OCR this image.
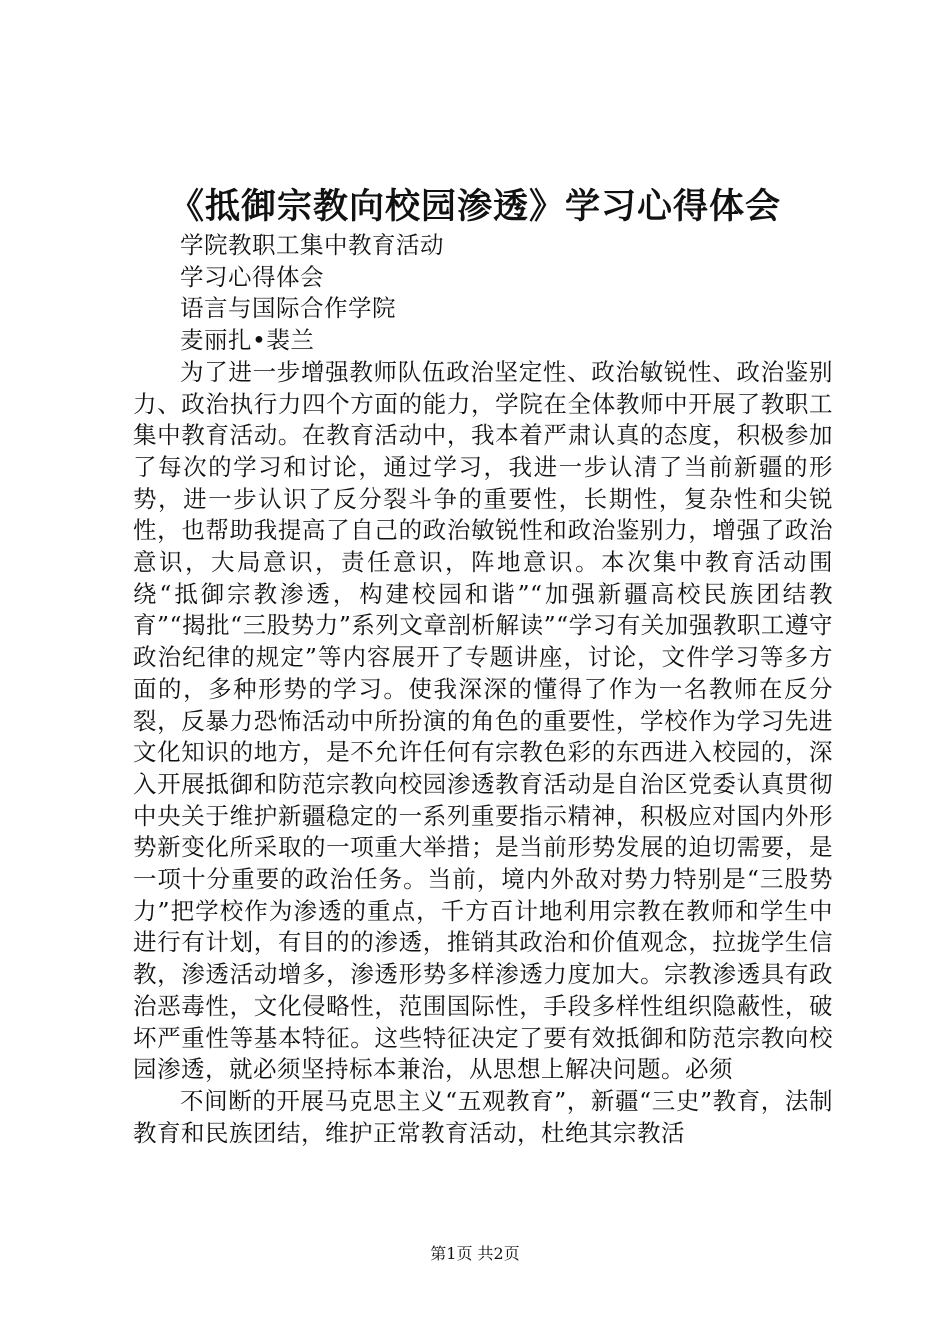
《抵御宗教向校园渗透》学习心得体会

学院教职工集中教育活动

学习心得体会

语言与国际合作学院

麦丽扎•裴兰

为了进一步增强教师队伍政治坚定性、政治敏锐性、政治鉴别力、政治执行力四个方面的能力，学院在全体教师中开展了教职工集中教育活动。在教育活动中，我本着严肃认真的态度，积极参加了每次的学习和讨论，通过学习，我进一步认清了当前新疆的形势，进一步认识了反分裂斗争的重要性，长期性，复杂性和尖锐性，也帮助我提高了自己的政治敏锐性和政治鉴别力，增强了政治意识，大局意识，责任意识，阵地意识。本次集中教育活动围绕“抵御宗教渗透，构建校园和谐”“加强新疆高校民族团结教育”“揭批“三股势力”系列文章剖析解读”“学习有关加强教职工遵守政治纪律的规定”等内容展开了专题讲座，讨论，文件学习等多方面的，多种形势的学习。使我深深的懂得了作为一名教师在反分裂，反暴力恐怖活动中所扮演的角色的重要性，学校作为学习先进文化知识的地方，是不允许任何有宗教色彩的东西进入校园的，深入开展抵御和防范宗教向校园渗透教育活动是自治区党委认真贯彻中央关于维护新疆稳定的一系列重要指示精神，积极应对国内外形势新变化所采取的一项重大举措；是当前形势发展的迫切需要，是一项十分重要的政治任务。当前，境内外敌对势力特别是“三股势力”把学校作为渗透的重点，千方百计地利用宗教在教师和学生中进行有计划，有目的的渗透，推销其政治和价值观念，拉拢学生信教，渗透活动增多，渗透形势多样渗透力度加大。宗教渗透具有政治恶毒性，文化侵略性，范围国际性，手段多样性组织隐蔽性，破坏严重性等基本特征。这些特征决定了要有效抵御和防范宗教向校园渗透，就必须坚持标本兼治，从思想上解决问题。必须

不间断的开展马克思主义“五观教育”，新疆“三史”教育，法制教育和民族团结，维护正常教育活动，杜绝其宗教活

第1页 共2页
